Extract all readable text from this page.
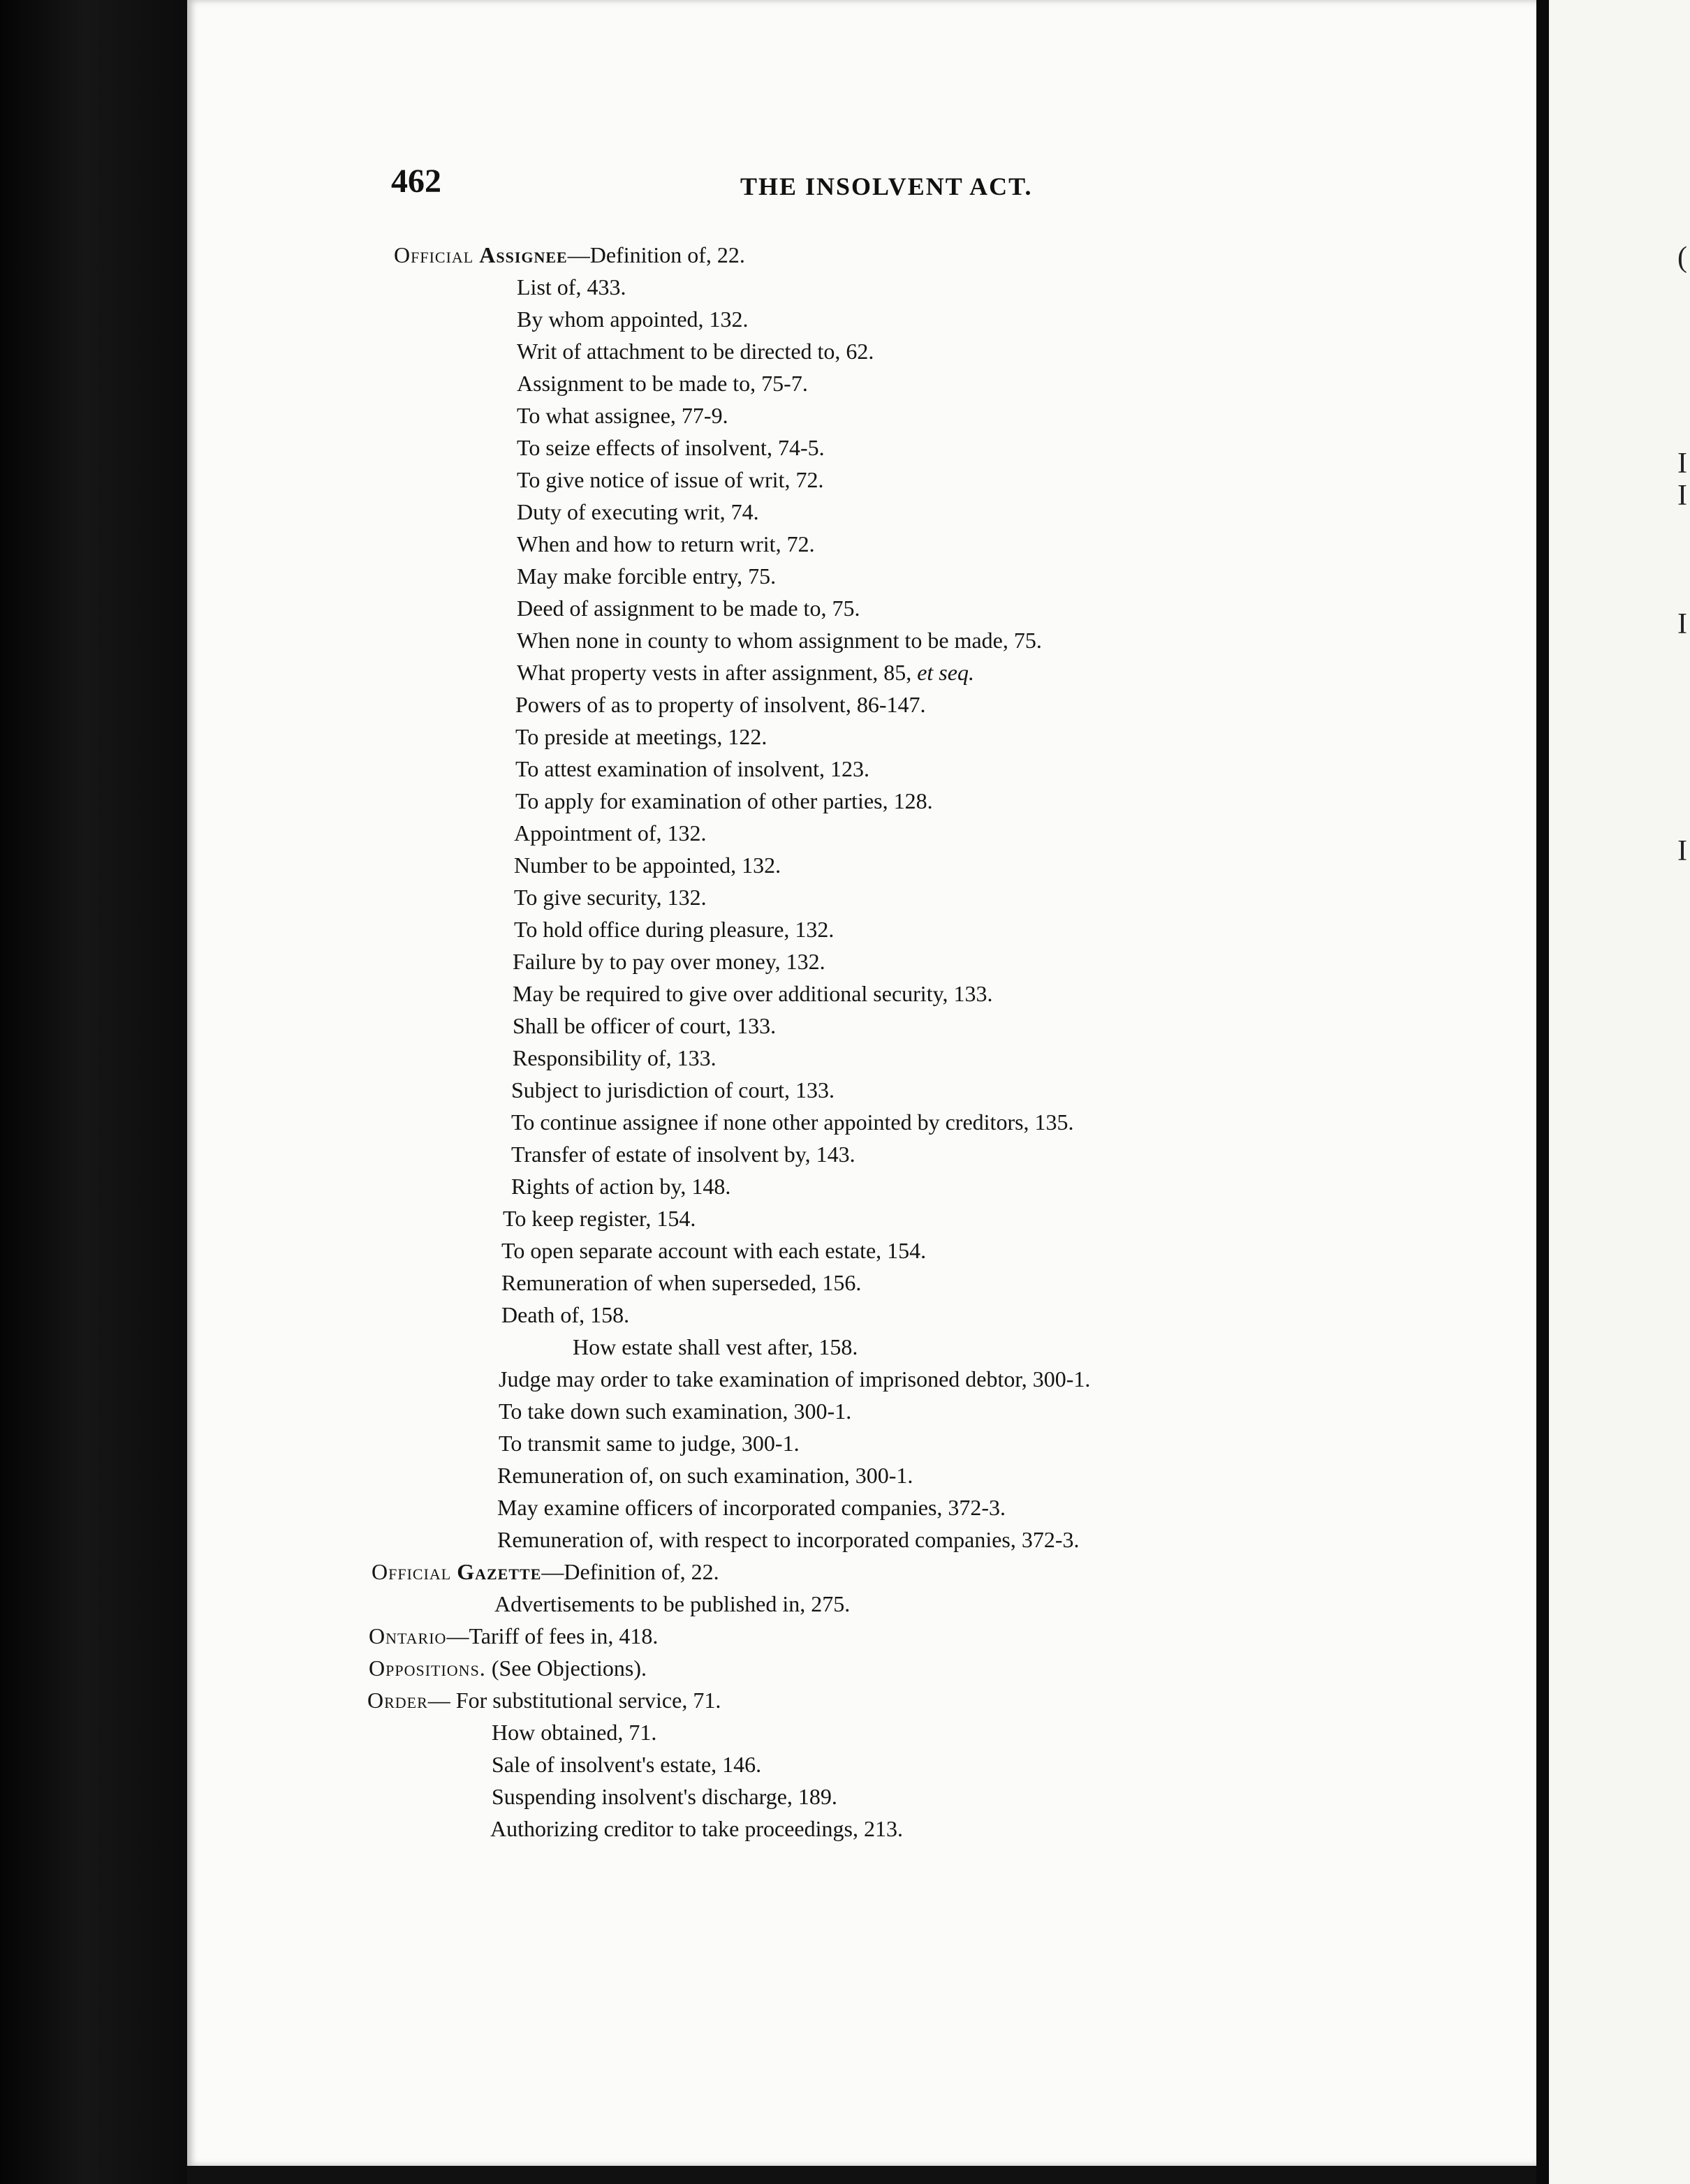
(
I
I
I
I
462	THE INSOLVENT ACT.
Official Assignee—Definition of, 22.
List of, 433.
By whom appointed, 132.
Writ of attachment to be directed to, 62.
Assignment to be made to, 75-7.
To what assignee, 77-9.
To seize effects of insolvent, 74-5.
To give notice of issue of writ, 72.
Duty of executing writ, 74.
When and how to return writ, 72.
May make forcible entry, 75.
Deed of assignment to be made to, 75.
When none in county to whom assignment to be made, 75.
What property vests in after assignment, 85, et seq.
Powers of as to property of insolvent, 86-147.
To preside at meetings, 122.
To attest examination of insolvent, 123.
To apply for examination of other parties, 128.
Appointment of, 132.
Number to be appointed, 132.
To give security, 132.
To hold office during pleasure, 132.
Failure by to pay over money, 132.
May be required to give over additional security, 133.
Shall be officer of court, 133.
Responsibility of, 133.
Subject to jurisdiction of court, 133.
To continue assignee if none other appointed by creditors, 135.
Transfer of estate of insolvent by, 143.
Rights of action by, 148.
To keep register, 154.
To open separate account with each estate, 154.
Remuneration of when superseded, 156.
Death of, 158.
How estate shall vest after, 158.
Judge may order to take examination of imprisoned debtor, 300-1.
To take down such examination, 300-1.
To transmit same to judge, 300-1.
Remuneration of, on such examination, 300-1.
May examine officers of incorporated companies, 372-3.
Remuneration of, with respect to incorporated companies, 372-3.
Official Gazette—Definition of, 22.
Advertisements to be published in, 275.
Ontario—Tariff of fees in, 418.
Oppositions. (See Objections).
Order— For substitutional service, 71.
How obtained, 71.
Sale of insolvent's estate, 146.
Suspending insolvent's discharge, 189.
Authorizing creditor to take proceedings, 213.
